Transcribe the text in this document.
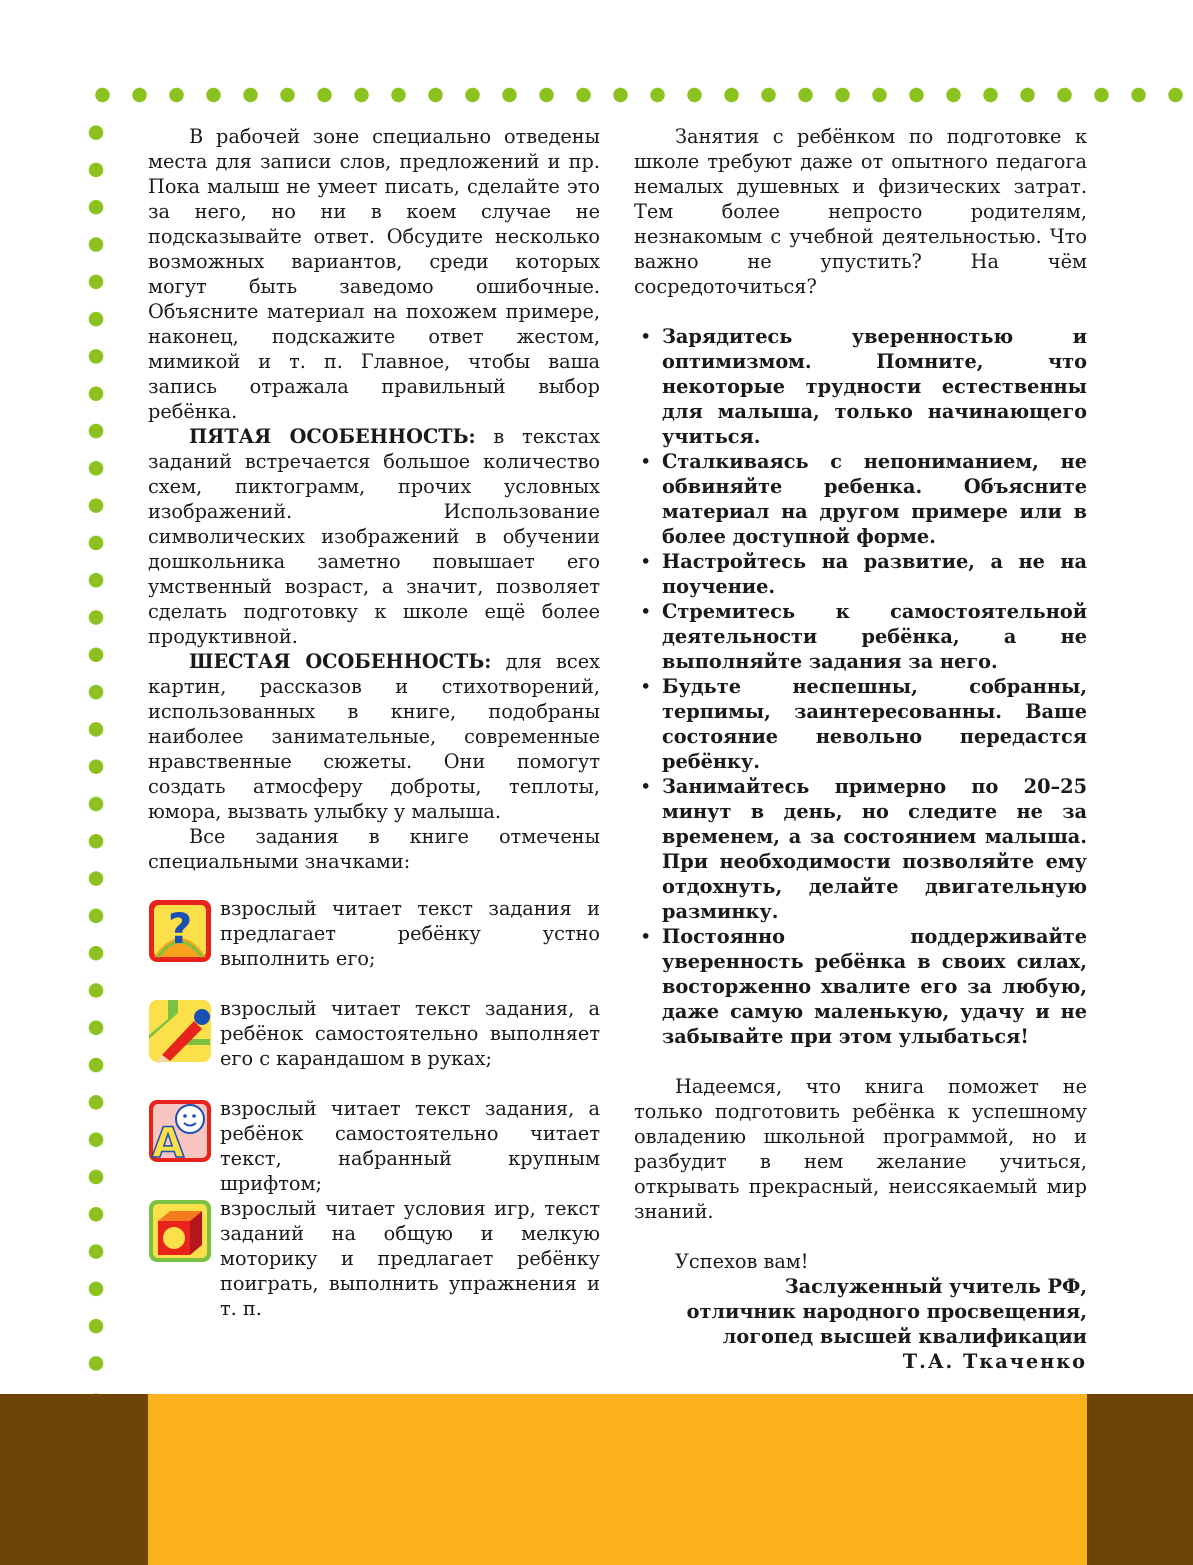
В рабочей зоне специально отведены места для записи слов, предложений и пр. Пока малыш не умеет писать, сделайте это за него, но ни в коем случае не подсказывайте ответ. Обсудите несколько возможных вариантов, среди которых могут быть заведомо ошибочные. Объясните материал на похожем примере, наконец, подскажите ответ жестом, мимикой и т. п. Главное, чтобы ваша запись отражала правильный выбор ребёнка.

ПЯТАЯ ОСОБЕННОСТЬ: в текстах заданий встречается большое количество схем, пиктограмм, прочих условных изображений. Использование символических изображений в обучении дошкольника заметно повышает его умственный возраст, а значит, позволяет сделать подготовку к школе ещё более продуктивной.

ШЕСТАЯ ОСОБЕННОСТЬ: для всех картин, рассказов и стихотворений, использованных в книге, подобраны наиболее занимательные, современные нравственные сюжеты. Они помогут создать атмосферу доброты, теплоты, юмора, вызвать улыбку у малыша.

Все задания в книге отмечены специальными значками:

? взрослый читает текст задания и предлагает ребёнку устно выполнить его;

взрослый читает текст задания, а ребёнок самостоятельно выполняет его с карандашом в руках;

A

взрослый читает текст задания, а ребёнок самостоятельно читает текст, набранный крупным шрифтом;

взрослый читает условия игр, текст заданий на общую и мелкую моторику и предлагает ребёнку поиграть, выполнить упражнения и т. п.

Занятия с ребёнком по подготовке к школе требуют даже от опытного педагога немалых душевных и физических затрат. Тем более непросто родителям, незнакомым с учебной деятельностью. Что важно не упустить? На чём сосредоточиться?

• Зарядитесь уверенностью и оптимизмом. Помните, что некоторые трудности естественны для малыша, только начинающего учиться.
• Сталкиваясь с непониманием, не обвиняйте ребенка. Объясните материал на другом примере или в более доступной форме.
• Настройтесь на развитие, а не на поучение.
• Стремитесь к самостоятельной деятельности ребёнка, а не выполняйте задания за него.
• Будьте неспешны, собранны, терпимы, заинтересованны. Ваше состояние невольно передастся ребёнку.
• Занимайтесь примерно по 20–25 минут в день, но следите не за временем, а за состоянием малыша. При необходимости позволяйте ему отдохнуть, делайте двигательную разминку.
• Постоянно поддерживайте уверенность ребёнка в своих силах, восторженно хвалите его за любую, даже самую маленькую, удачу и не забывайте при этом улыбаться!

Надеемся, что книга поможет не только подготовить ребёнка к успешному овладению школьной программой, но и разбудит в нем желание учиться, открывать прекрасный, неиссякаемый мир знаний.

Успехов вам!

Заслуженный учитель РФ,
отличник народного просвещения,
логопед высшей квалификации
Т.А. Ткаченко
